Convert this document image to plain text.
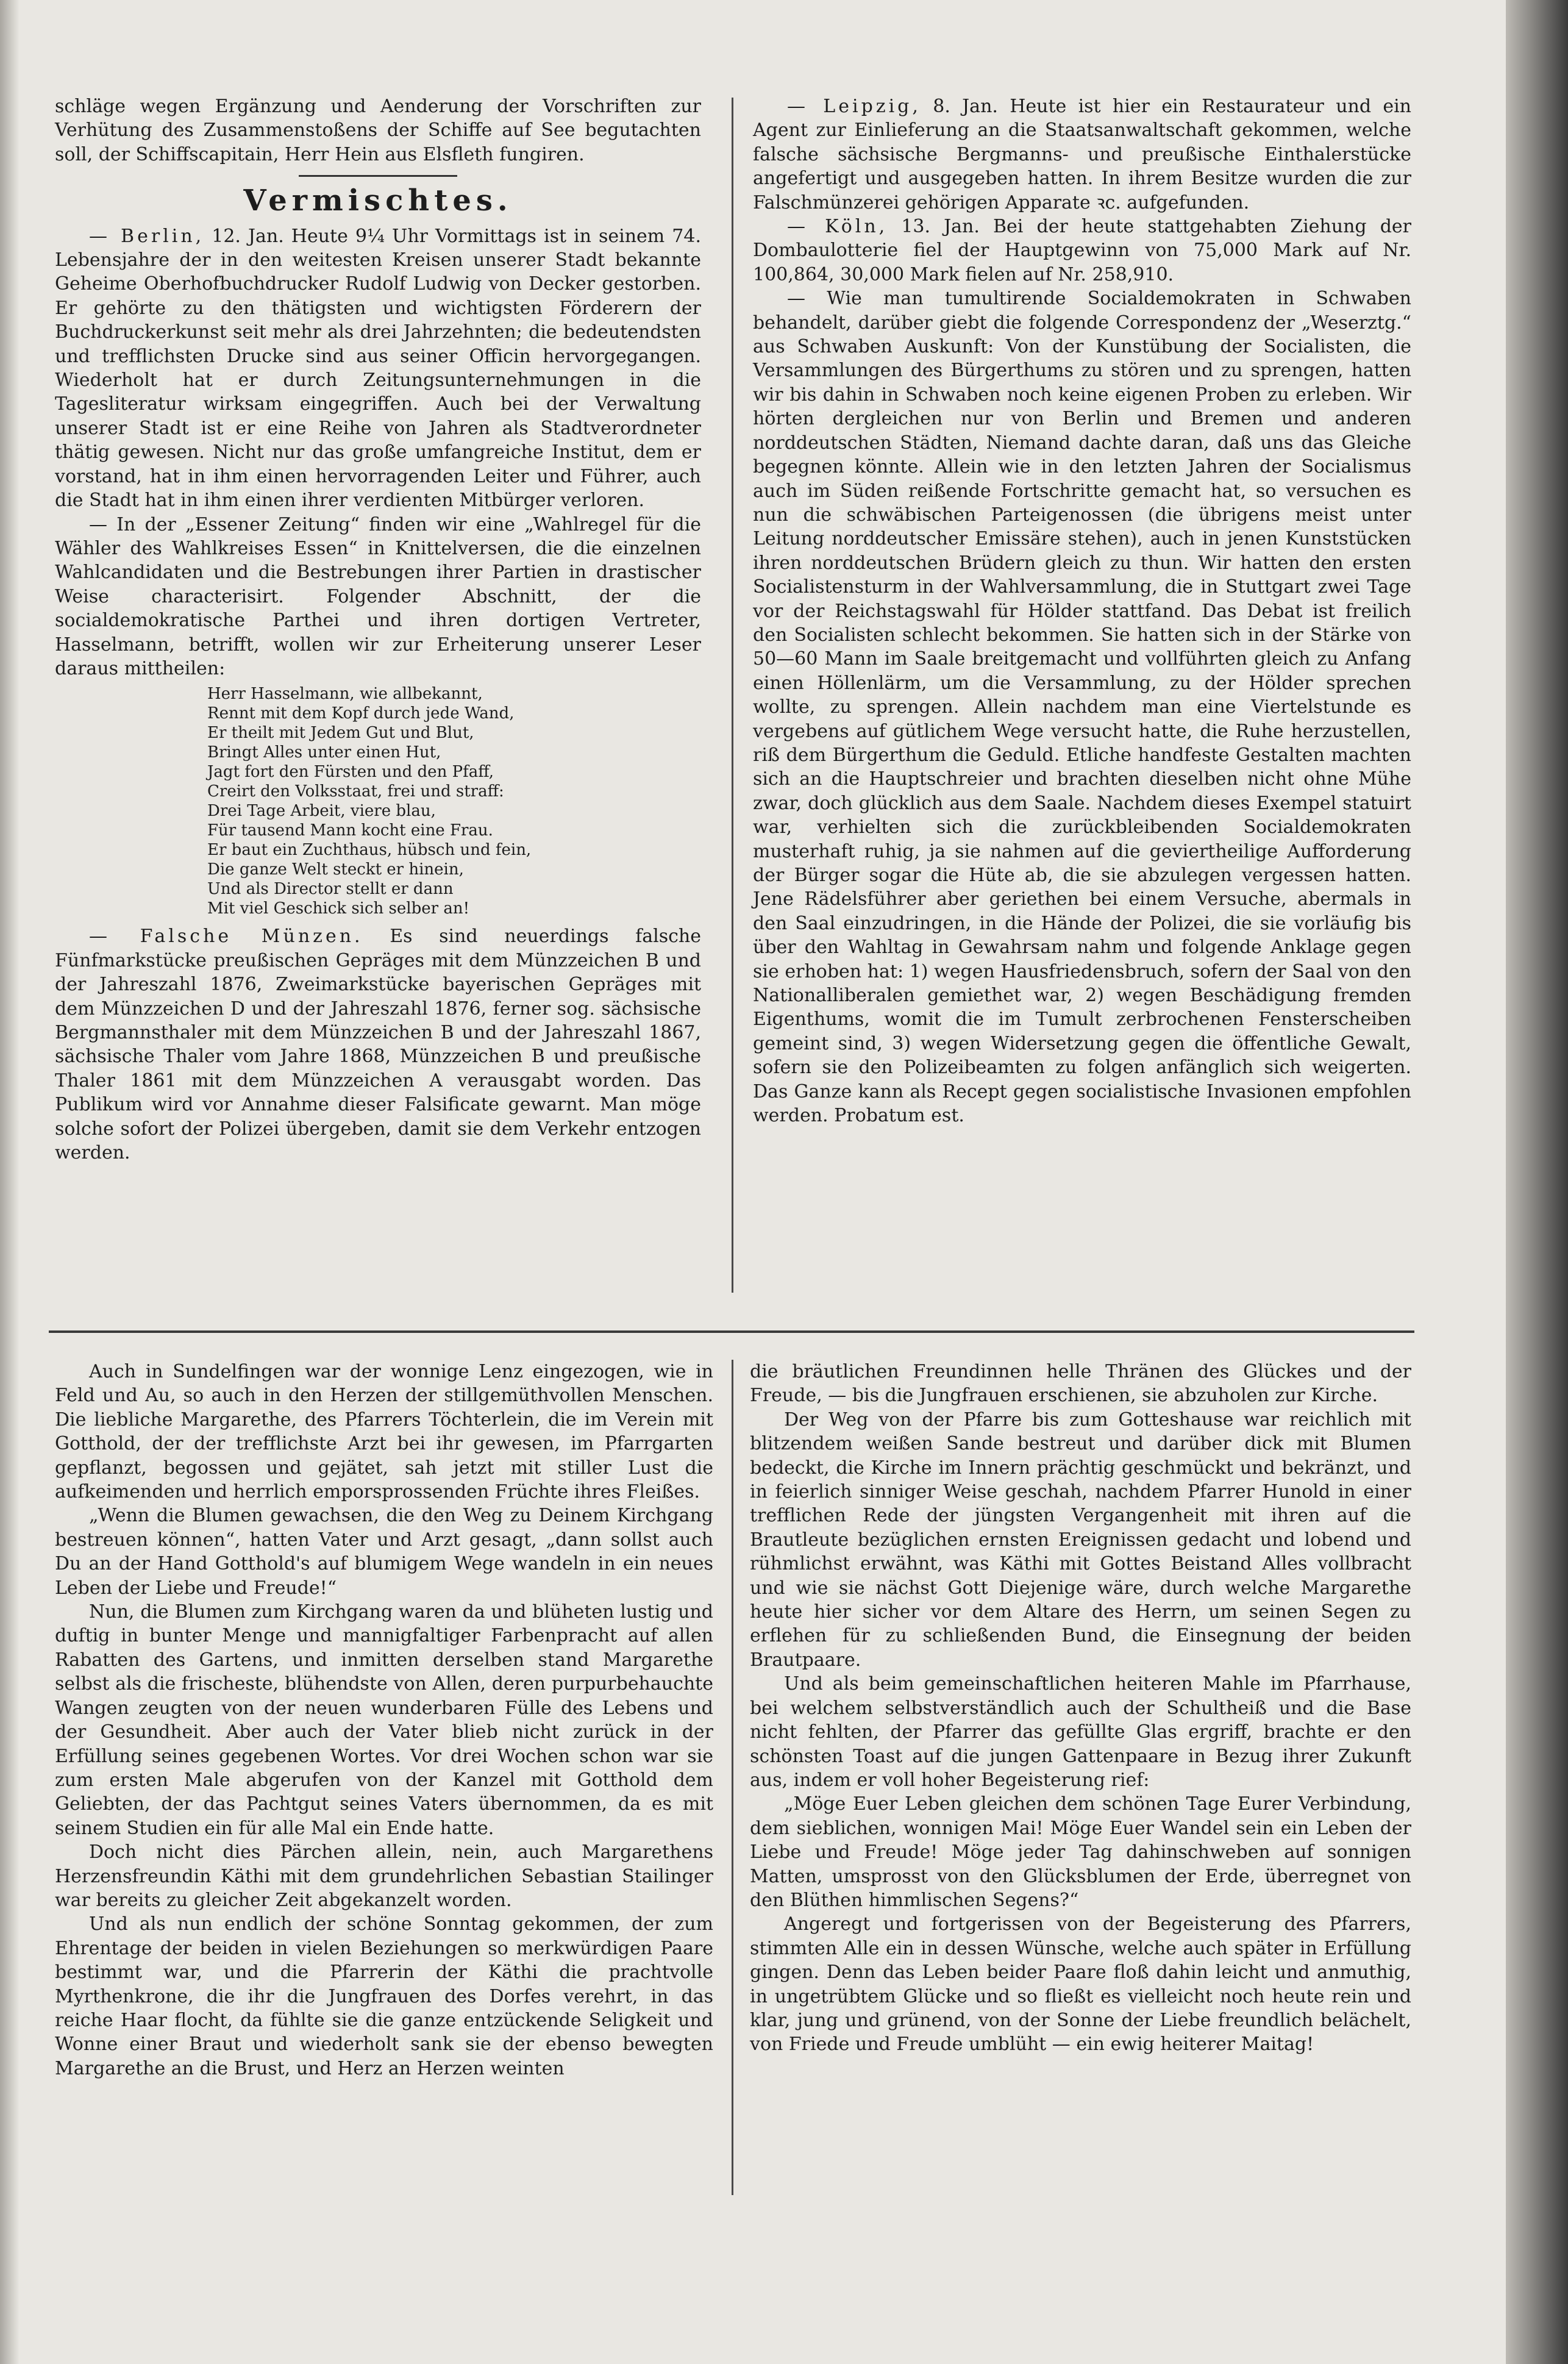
schläge wegen Ergänzung und Aenderung der Vorschriften zur Verhütung des Zusammenstoßens der Schiffe auf See begutachten soll, der Schiffscapitain, Herr Hein aus Elsfleth fungiren.

Vermischtes.

— Berlin, 12. Jan. Heute 9¼ Uhr Vormittags ist in seinem 74. Lebensjahre der in den weitesten Kreisen unserer Stadt bekannte Geheime Oberhofbuchdrucker Rudolf Ludwig von Decker gestorben. Er gehörte zu den thätigsten und wichtigsten Förderern der Buchdruckerkunst seit mehr als drei Jahrzehnten; die bedeutendsten und trefflichsten Drucke sind aus seiner Officin hervorgegangen. Wiederholt hat er durch Zeitungsunternehmungen in die Tagesliteratur wirksam eingegriffen. Auch bei der Verwaltung unserer Stadt ist er eine Reihe von Jahren als Stadtverordneter thätig gewesen. Nicht nur das große umfangreiche Institut, dem er vorstand, hat in ihm einen hervorragenden Leiter und Führer, auch die Stadt hat in ihm einen ihrer verdienten Mitbürger verloren.

— In der „Essener Zeitung“ finden wir eine „Wahlregel für die Wähler des Wahlkreises Essen“ in Knittelversen, die die einzelnen Wahlcandidaten und die Bestrebungen ihrer Partien in drastischer Weise characterisirt. Folgender Abschnitt, der die socialdemokratische Parthei und ihren dortigen Vertreter, Hasselmann, betrifft, wollen wir zur Erheiterung unserer Leser daraus mittheilen:

Herr Hasselmann, wie allbekannt,
Rennt mit dem Kopf durch jede Wand,
Er theilt mit Jedem Gut und Blut,
Bringt Alles unter einen Hut,
Jagt fort den Fürsten und den Pfaff,
Creirt den Volksstaat, frei und straff:
Drei Tage Arbeit, viere blau,
Für tausend Mann kocht eine Frau.
Er baut ein Zuchthaus, hübsch und fein,
Die ganze Welt steckt er hinein,
Und als Director stellt er dann
Mit viel Geschick sich selber an!

— Falsche Münzen. Es sind neuerdings falsche Fünfmarkstücke preußischen Gepräges mit dem Münzzeichen B und der Jahreszahl 1876, Zweimarkstücke bayerischen Gepräges mit dem Münzzeichen D und der Jahreszahl 1876, ferner sog. sächsische Bergmannsthaler mit dem Münzzeichen B und der Jahreszahl 1867, sächsische Thaler vom Jahre 1868, Münzzeichen B und preußische Thaler 1861 mit dem Münzzeichen A verausgabt worden. Das Publikum wird vor Annahme dieser Falsificate gewarnt. Man möge solche sofort der Polizei übergeben, damit sie dem Verkehr entzogen werden.

— Leipzig, 8. Jan. Heute ist hier ein Restaurateur und ein Agent zur Einlieferung an die Staatsanwaltschaft gekommen, welche falsche sächsische Bergmanns- und preußische Einthalerstücke angefertigt und ausgegeben hatten. In ihrem Besitze wurden die zur Falschmünzerei gehörigen Apparate ꝛc. aufgefunden.

— Köln, 13. Jan. Bei der heute stattgehabten Ziehung der Dombaulotterie fiel der Hauptgewinn von 75,000 Mark auf Nr. 100,864, 30,000 Mark fielen auf Nr. 258,910.

— Wie man tumultirende Socialdemokraten in Schwaben behandelt, darüber giebt die folgende Correspondenz der „Weserztg.“ aus Schwaben Auskunft: Von der Kunstübung der Socialisten, die Versammlungen des Bürgerthums zu stören und zu sprengen, hatten wir bis dahin in Schwaben noch keine eigenen Proben zu erleben. Wir hörten dergleichen nur von Berlin und Bremen und anderen norddeutschen Städten, Niemand dachte daran, daß uns das Gleiche begegnen könnte. Allein wie in den letzten Jahren der Socialismus auch im Süden reißende Fortschritte gemacht hat, so versuchen es nun die schwäbischen Parteigenossen (die übrigens meist unter Leitung norddeutscher Emissäre stehen), auch in jenen Kunststücken ihren norddeutschen Brüdern gleich zu thun. Wir hatten den ersten Socialistensturm in der Wahlversammlung, die in Stuttgart zwei Tage vor der Reichstagswahl für Hölder stattfand. Das Debat ist freilich den Socialisten schlecht bekommen. Sie hatten sich in der Stärke von 50—60 Mann im Saale breitgemacht und vollführten gleich zu Anfang einen Höllenlärm, um die Versammlung, zu der Hölder sprechen wollte, zu sprengen. Allein nachdem man eine Viertelstunde es vergebens auf gütlichem Wege versucht hatte, die Ruhe herzustellen, riß dem Bürgerthum die Geduld. Etliche handfeste Gestalten machten sich an die Hauptschreier und brachten dieselben nicht ohne Mühe zwar, doch glücklich aus dem Saale. Nachdem dieses Exempel statuirt war, verhielten sich die zurückbleibenden Socialdemokraten musterhaft ruhig, ja sie nahmen auf die geviertheilige Aufforderung der Bürger sogar die Hüte ab, die sie abzulegen vergessen hatten. Jene Rädelsführer aber geriethen bei einem Versuche, abermals in den Saal einzudringen, in die Hände der Polizei, die sie vorläufig bis über den Wahltag in Gewahrsam nahm und folgende Anklage gegen sie erhoben hat: 1) wegen Hausfriedensbruch, sofern der Saal von den Nationalliberalen gemiethet war, 2) wegen Beschädigung fremden Eigenthums, womit die im Tumult zerbrochenen Fensterscheiben gemeint sind, 3) wegen Widersetzung gegen die öffentliche Gewalt, sofern sie den Polizeibeamten zu folgen anfänglich sich weigerten. Das Ganze kann als Recept gegen socialistische Invasionen empfohlen werden. Probatum est.

Auch in Sundelfingen war der wonnige Lenz eingezogen, wie in Feld und Au, so auch in den Herzen der stillgemüthvollen Menschen. Die liebliche Margarethe, des Pfarrers Töchterlein, die im Verein mit Gotthold, der der trefflichste Arzt bei ihr gewesen, im Pfarrgarten gepflanzt, begossen und gejätet, sah jetzt mit stiller Lust die aufkeimenden und herrlich emporsprossenden Früchte ihres Fleißes.

„Wenn die Blumen gewachsen, die den Weg zu Deinem Kirchgang bestreuen können“, hatten Vater und Arzt gesagt, „dann sollst auch Du an der Hand Gotthold's auf blumigem Wege wandeln in ein neues Leben der Liebe und Freude!“

Nun, die Blumen zum Kirchgang waren da und blüheten lustig und duftig in bunter Menge und mannigfaltiger Farbenpracht auf allen Rabatten des Gartens, und inmitten derselben stand Margarethe selbst als die frischeste, blühendste von Allen, deren purpurbehauchte Wangen zeugten von der neuen wunderbaren Fülle des Lebens und der Gesundheit. Aber auch der Vater blieb nicht zurück in der Erfüllung seines gegebenen Wortes. Vor drei Wochen schon war sie zum ersten Male abgerufen von der Kanzel mit Gotthold dem Geliebten, der das Pachtgut seines Vaters übernommen, da es mit seinem Studien ein für alle Mal ein Ende hatte.

Doch nicht dies Pärchen allein, nein, auch Margarethens Herzensfreundin Käthi mit dem grundehrlichen Sebastian Stailinger war bereits zu gleicher Zeit abgekanzelt worden.

Und als nun endlich der schöne Sonntag gekommen, der zum Ehrentage der beiden in vielen Beziehungen so merkwürdigen Paare bestimmt war, und die Pfarrerin der Käthi die prachtvolle Myrthenkrone, die ihr die Jungfrauen des Dorfes verehrt, in das reiche Haar flocht, da fühlte sie die ganze entzückende Seligkeit und Wonne einer Braut und wiederholt sank sie der ebenso bewegten Margarethe an die Brust, und Herz an Herzen weinten

die bräutlichen Freundinnen helle Thränen des Glückes und der Freude, — bis die Jungfrauen erschienen, sie abzuholen zur Kirche.

Der Weg von der Pfarre bis zum Gotteshause war reichlich mit blitzendem weißen Sande bestreut und darüber dick mit Blumen bedeckt, die Kirche im Innern prächtig geschmückt und bekränzt, und in feierlich sinniger Weise geschah, nachdem Pfarrer Hunold in einer trefflichen Rede der jüngsten Vergangenheit mit ihren auf die Brautleute bezüglichen ernsten Ereignissen gedacht und lobend und rühmlichst erwähnt, was Käthi mit Gottes Beistand Alles vollbracht und wie sie nächst Gott Diejenige wäre, durch welche Margarethe heute hier sicher vor dem Altare des Herrn, um seinen Segen zu erflehen für zu schließenden Bund, die Einsegnung der beiden Brautpaare.

Und als beim gemeinschaftlichen heiteren Mahle im Pfarrhause, bei welchem selbstverständlich auch der Schultheiß und die Base nicht fehlten, der Pfarrer das gefüllte Glas ergriff, brachte er den schönsten Toast auf die jungen Gattenpaare in Bezug ihrer Zukunft aus, indem er voll hoher Begeisterung rief:

„Möge Euer Leben gleichen dem schönen Tage Eurer Verbindung, dem sieblichen, wonnigen Mai! Möge Euer Wandel sein ein Leben der Liebe und Freude! Möge jeder Tag dahinschweben auf sonnigen Matten, umsprosst von den Glücksblumen der Erde, überregnet von den Blüthen himmlischen Segens?“

Angeregt und fortgerissen von der Begeisterung des Pfarrers, stimmten Alle ein in dessen Wünsche, welche auch später in Erfüllung gingen. Denn das Leben beider Paare floß dahin leicht und anmuthig, in ungetrübtem Glücke und so fließt es vielleicht noch heute rein und klar, jung und grünend, von der Sonne der Liebe freundlich belächelt, von Friede und Freude umblüht — ein ewig heiterer Maitag!
